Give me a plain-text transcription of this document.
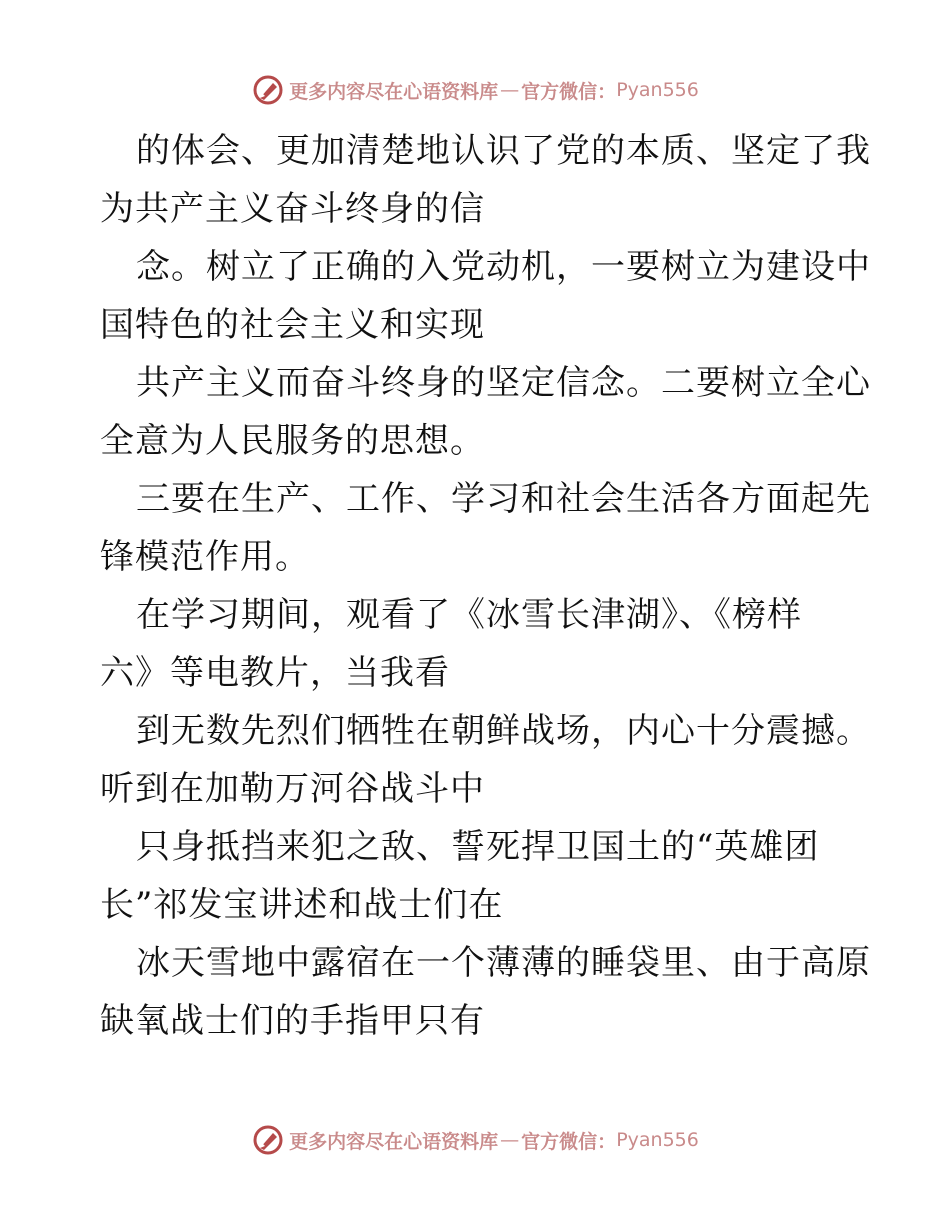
更多内容尽在心语资料库 — 官方微信： Pyan556
的体会、更加清楚地认识了党的本质、坚定了我
为共产主义奋斗终身的信
念。树立了正确的入党动机，一要树立为建设中
国特色的社会主义和实现
共产主义而奋斗终身的坚定信念。二要树立全心
全意为人民服务的思想。
三要在生产、工作、学习和社会生活各方面起先
锋模范作用。
在学习期间，观看了《冰雪长津湖》、《榜样
六》等电教片，当我看
到无数先烈们牺牲在朝鲜战场，内心十分震撼。
听到在加勒万河谷战斗中
只身抵挡来犯之敌、誓死捍卫国土的“英雄团
长”祁发宝讲述和战士们在
冰天雪地中露宿在一个薄薄的睡袋里、由于高原
缺氧战士们的手指甲只有
更多内容尽在心语资料库 — 官方微信： Pyan556
